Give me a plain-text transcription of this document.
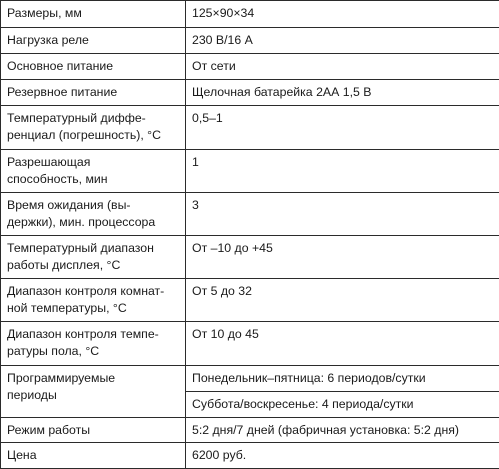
Размеры, мм	125×90×34

Нагрузка реле	230 В/16 А

Основное питание	От сети

Резервное питание	Щелочная батарейка 2АА 1,5 В

Температурный диффе-
ренциал (погрешность), °С	0,5–1

Разрешающая
способность, мин	1

Время ожидания (вы-
держки), мин. процессора	3

Температурный диапазон
работы дисплея, °С	От –10 до +45

Диапазон контроля комнат-
ной температуры, °С	От 5 до 32

Диапазон контроля темпе-
ратуры пола, °С	От 10 до 45

Программируемые
периоды	Понедельник–пятница: 6 периодов/сутки
	Суббота/воскресенье: 4 периода/сутки

Режим работы	5:2 дня/7 дней (фабричная установка: 5:2 дня)

Цена	6200 руб.
